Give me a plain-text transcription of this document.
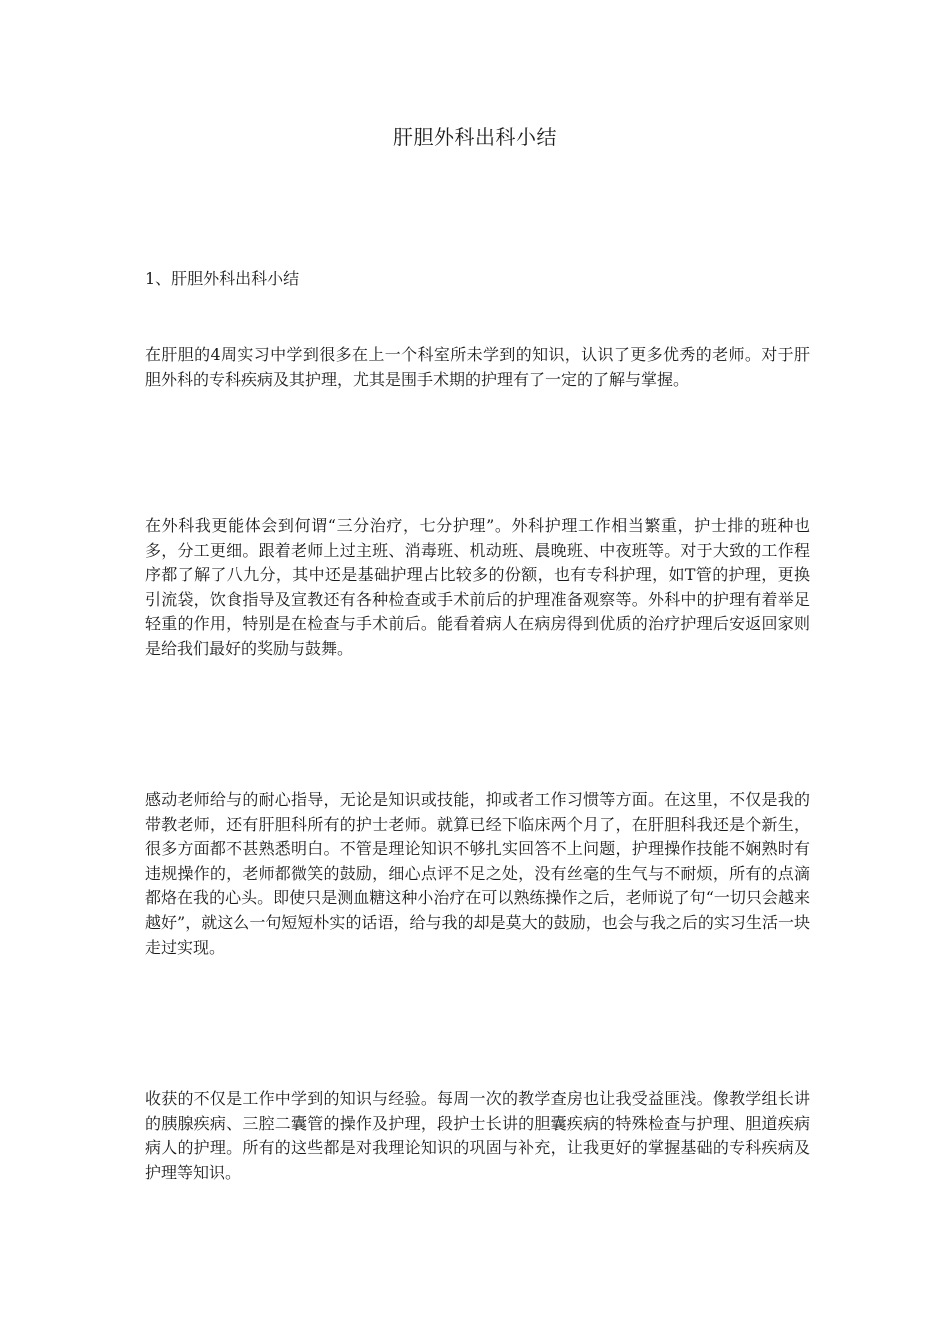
肝胆外科出科小结
1、肝胆外科出科小结

在肝胆的4周实习中学到很多在上一个科室所未学到的知识，认识了更多优秀的老师。对于肝胆外科的专科疾病及其护理，尤其是围手术期的护理有了一定的了解与掌握。

在外科我更能体会到何谓“三分治疗，七分护理”。外科护理工作相当繁重，护士排的班种也多，分工更细。跟着老师上过主班、消毒班、机动班、晨晚班、中夜班等。对于大致的工作程序都了解了八九分，其中还是基础护理占比较多的份额，也有专科护理，如T管的护理，更换引流袋，饮食指导及宣教还有各种检查或手术前后的护理准备观察等。外科中的护理有着举足轻重的作用，特别是在检查与手术前后。能看着病人在病房得到优质的治疗护理后安返回家则是给我们最好的奖励与鼓舞。

感动老师给与的耐心指导，无论是知识或技能，抑或者工作习惯等方面。在这里，不仅是我的带教老师，还有肝胆科所有的护士老师。就算已经下临床两个月了，在肝胆科我还是个新生，很多方面都不甚熟悉明白。不管是理论知识不够扎实回答不上问题，护理操作技能不娴熟时有违规操作的，老师都微笑的鼓励，细心点评不足之处，没有丝毫的生气与不耐烦，所有的点滴都烙在我的心头。即使只是测血糖这种小治疗在可以熟练操作之后，老师说了句“一切只会越来越好”，就这么一句短短朴实的话语，给与我的却是莫大的鼓励，也会与我之后的实习生活一块走过实现。

收获的不仅是工作中学到的知识与经验。每周一次的教学查房也让我受益匪浅。像教学组长讲的胰腺疾病、三腔二囊管的操作及护理，段护士长讲的胆囊疾病的特殊检查与护理、胆道疾病病人的护理。所有的这些都是对我理论知识的巩固与补充，让我更好的掌握基础的专科疾病及护理等知识。
